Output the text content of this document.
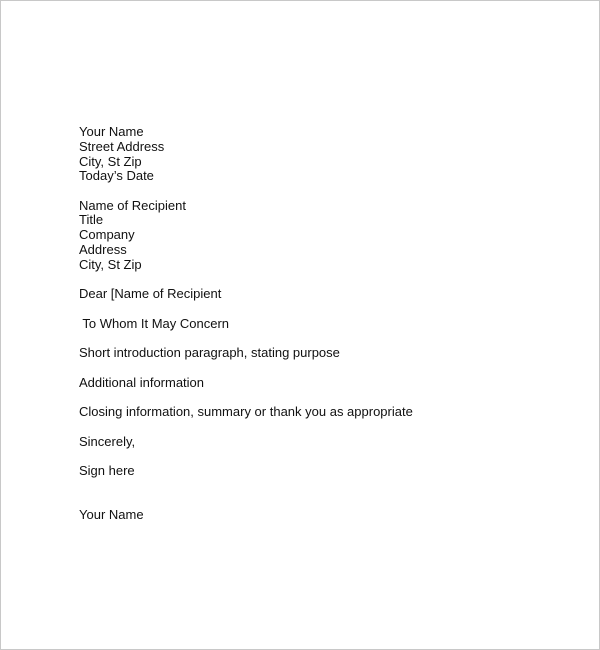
Your Name
Street Address
City, St Zip
Today’s Date
Name of Recipient
Title
Company
Address
City, St Zip
Dear [Name of Recipient
To Whom It May Concern
Short introduction paragraph, stating purpose
Additional information
Closing information, summary or thank you as appropriate
Sincerely,
Sign here
Your Name
